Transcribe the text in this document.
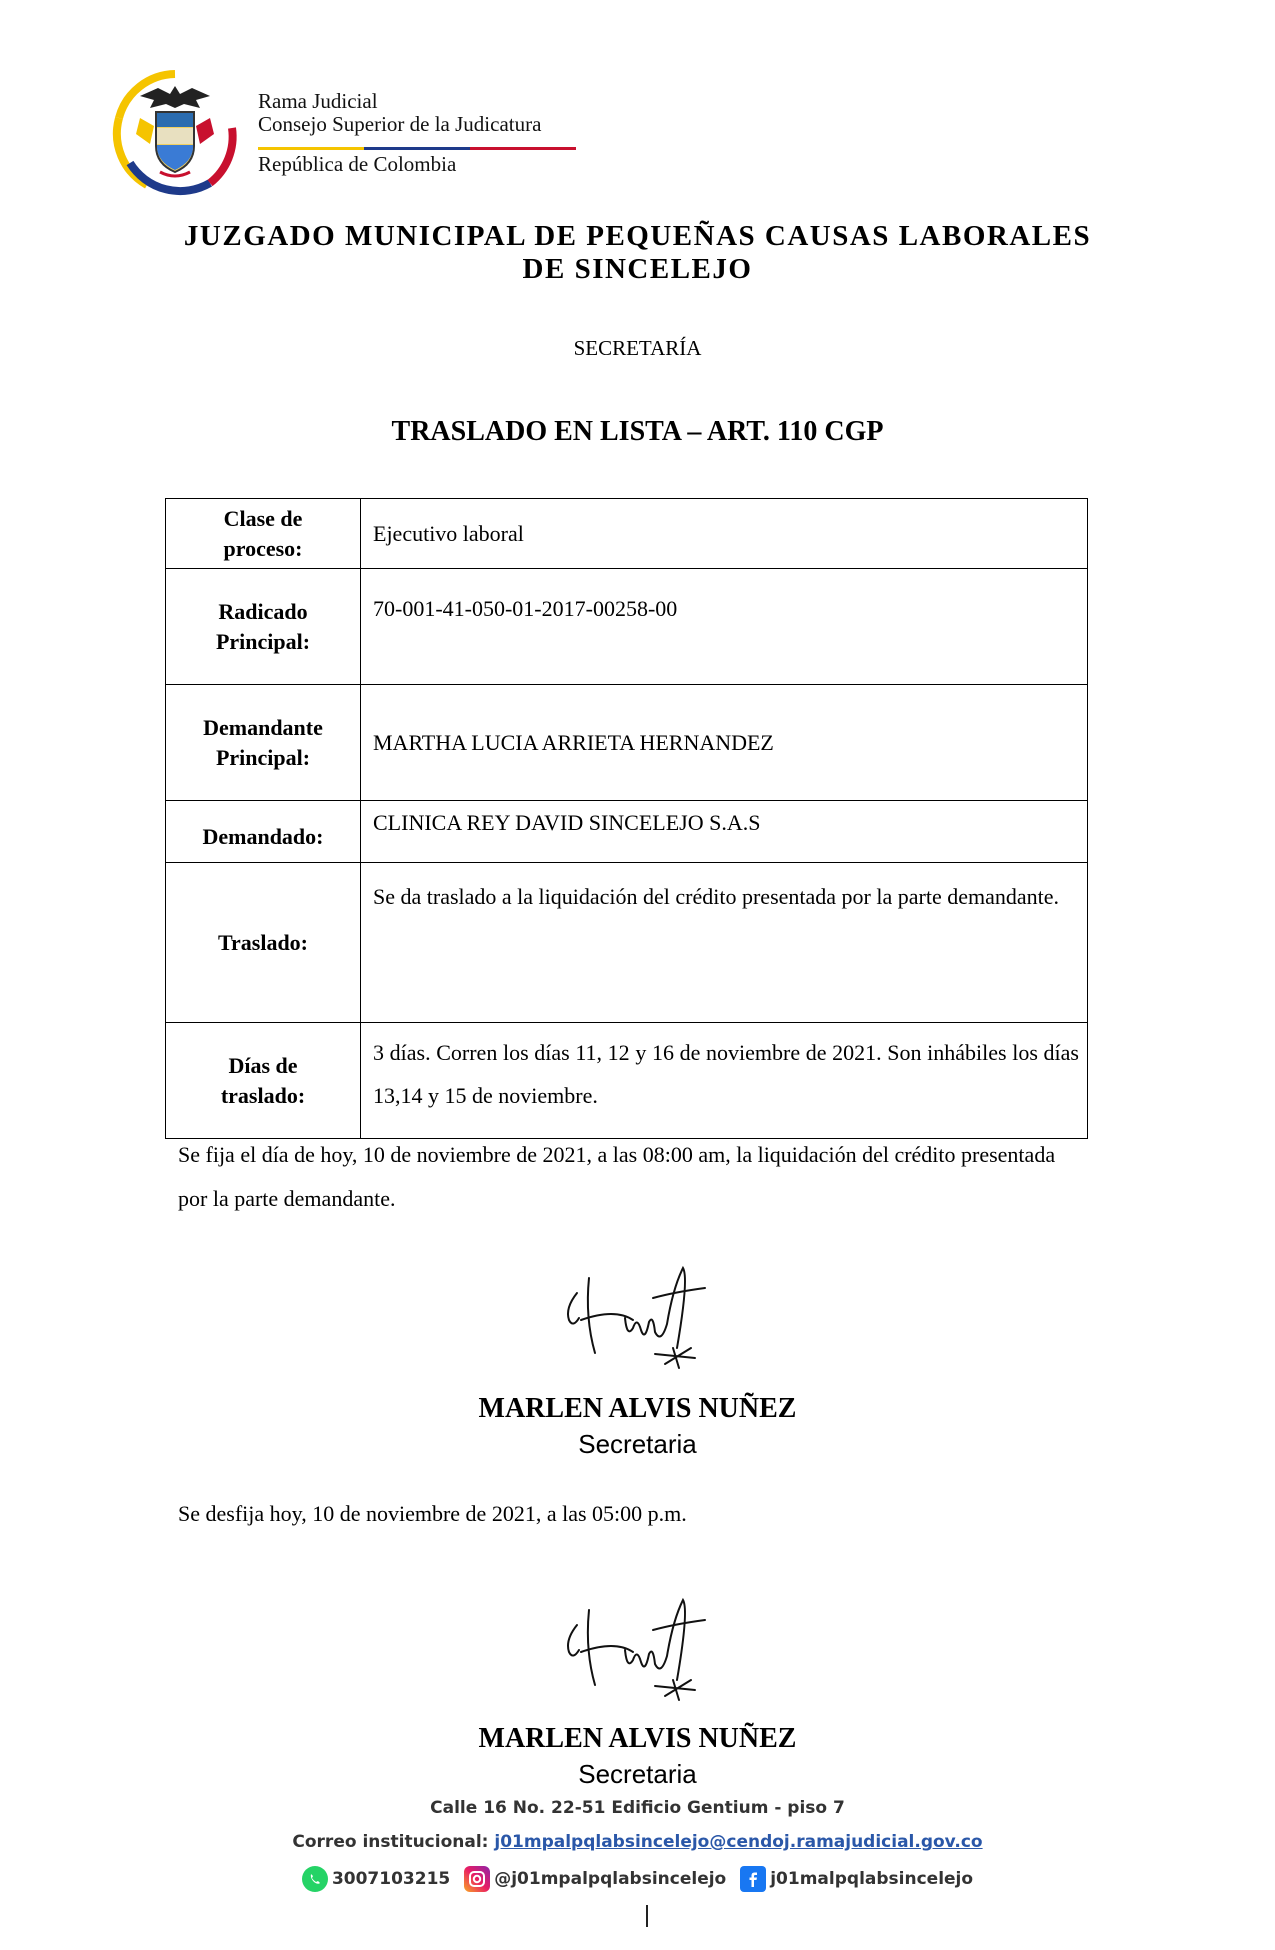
Rama Judicial
Consejo Superior de la Judicatura
República de Colombia
JUZGADO MUNICIPAL DE PEQUEÑAS CAUSAS LABORALES
DE SINCELEJO
SECRETARÍA
TRASLADO EN LISTA – ART. 110 CGP
Clase de
proceso:	Ejecutivo laboral
Radicado
Principal:	70-001-41-050-01-2017-00258-00
Demandante
Principal:	MARTHA LUCIA ARRIETA HERNANDEZ
Demandado:	CLINICA REY DAVID SINCELEJO S.A.S
Traslado:	Se da traslado a la liquidación del crédito presentada por la parte demandante.
Días de
traslado:	3 días. Corren los días 11, 12 y 16 de noviembre de 2021. Son inhábiles los días 13,14 y 15 de noviembre.
Se fija el día de hoy, 10 de noviembre de 2021, a las 08:00 am, la liquidación del crédito presentada por la parte demandante.
MARLEN ALVIS NUÑEZ
Secretaria
Se desfija hoy, 10 de noviembre de 2021, a las 05:00 p.m.
MARLEN ALVIS NUÑEZ
Secretaria
Calle 16 No. 22-51 Edificio Gentium - piso 7
Correo institucional: j01mpalpqlabsincelejo@cendoj.ramajudicial.gov.co
3007103215	@j01mpalpqlabsincelejo	j01malpqlabsincelejo
